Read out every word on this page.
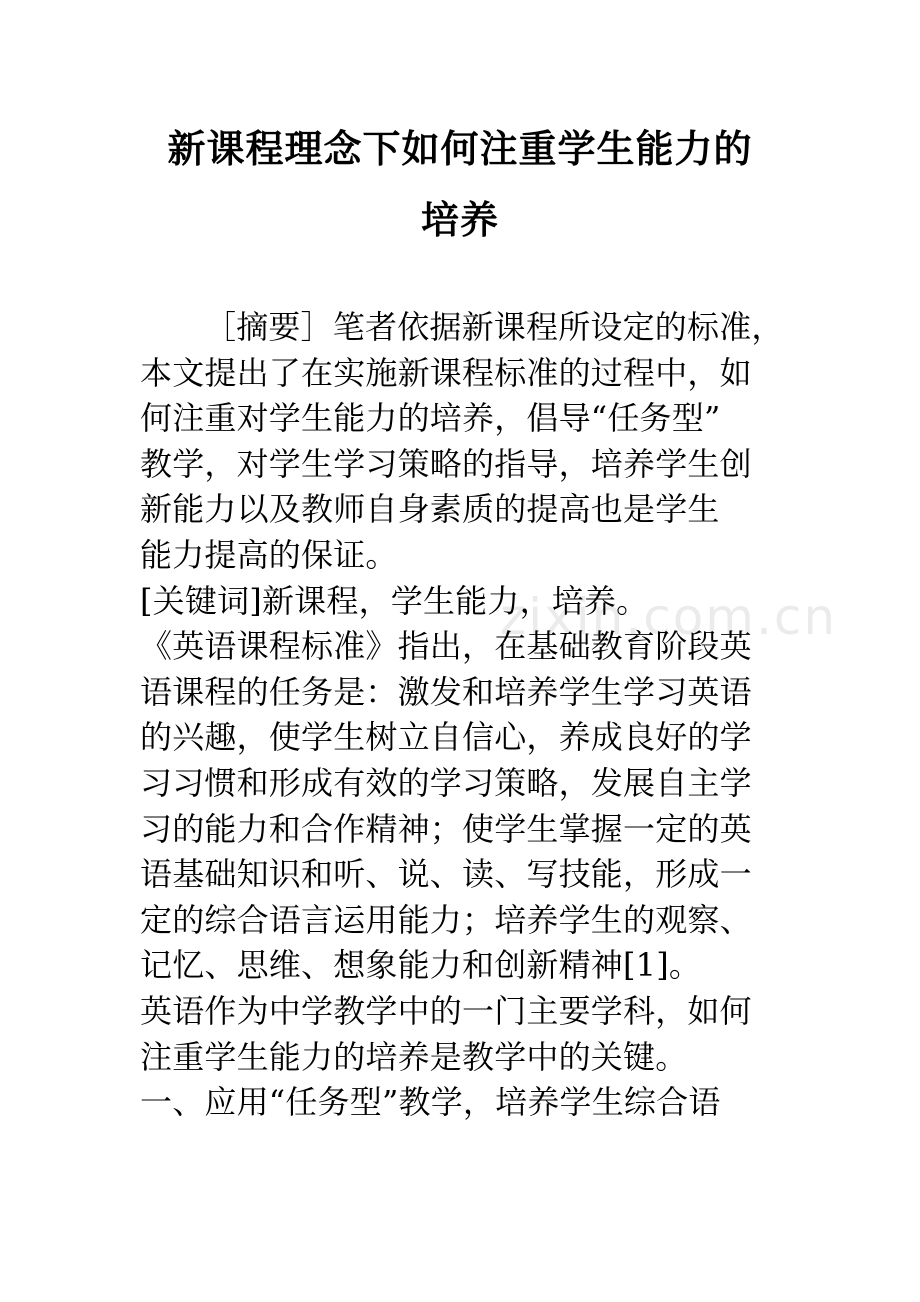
新课程理念下如何注重学生能力的
培养
zixin.com.cn
［摘要］笔者依据新课程所设定的标准，
本文提出了在实施新课程标准的过程中，如
何注重对学生能力的培养，倡导“任务型”
教学，对学生学习策略的指导，培养学生创
新能力以及教师自身素质的提高也是学生
能力提高的保证。
[关键词]新课程，学生能力，培养。
《英语课程标准》指出，在基础教育阶段英
语课程的任务是：激发和培养学生学习英语
的兴趣，使学生树立自信心，养成良好的学
习习惯和形成有效的学习策略，发展自主学
习的能力和合作精神；使学生掌握一定的英
语基础知识和听、说、读、写技能，形成一
定的综合语言运用能力；培养学生的观察、
记忆、思维、想象能力和创新精神[1]。
英语作为中学教学中的一门主要学科，如何
注重学生能力的培养是教学中的关键。
一、应用“任务型”教学，培养学生综合语
